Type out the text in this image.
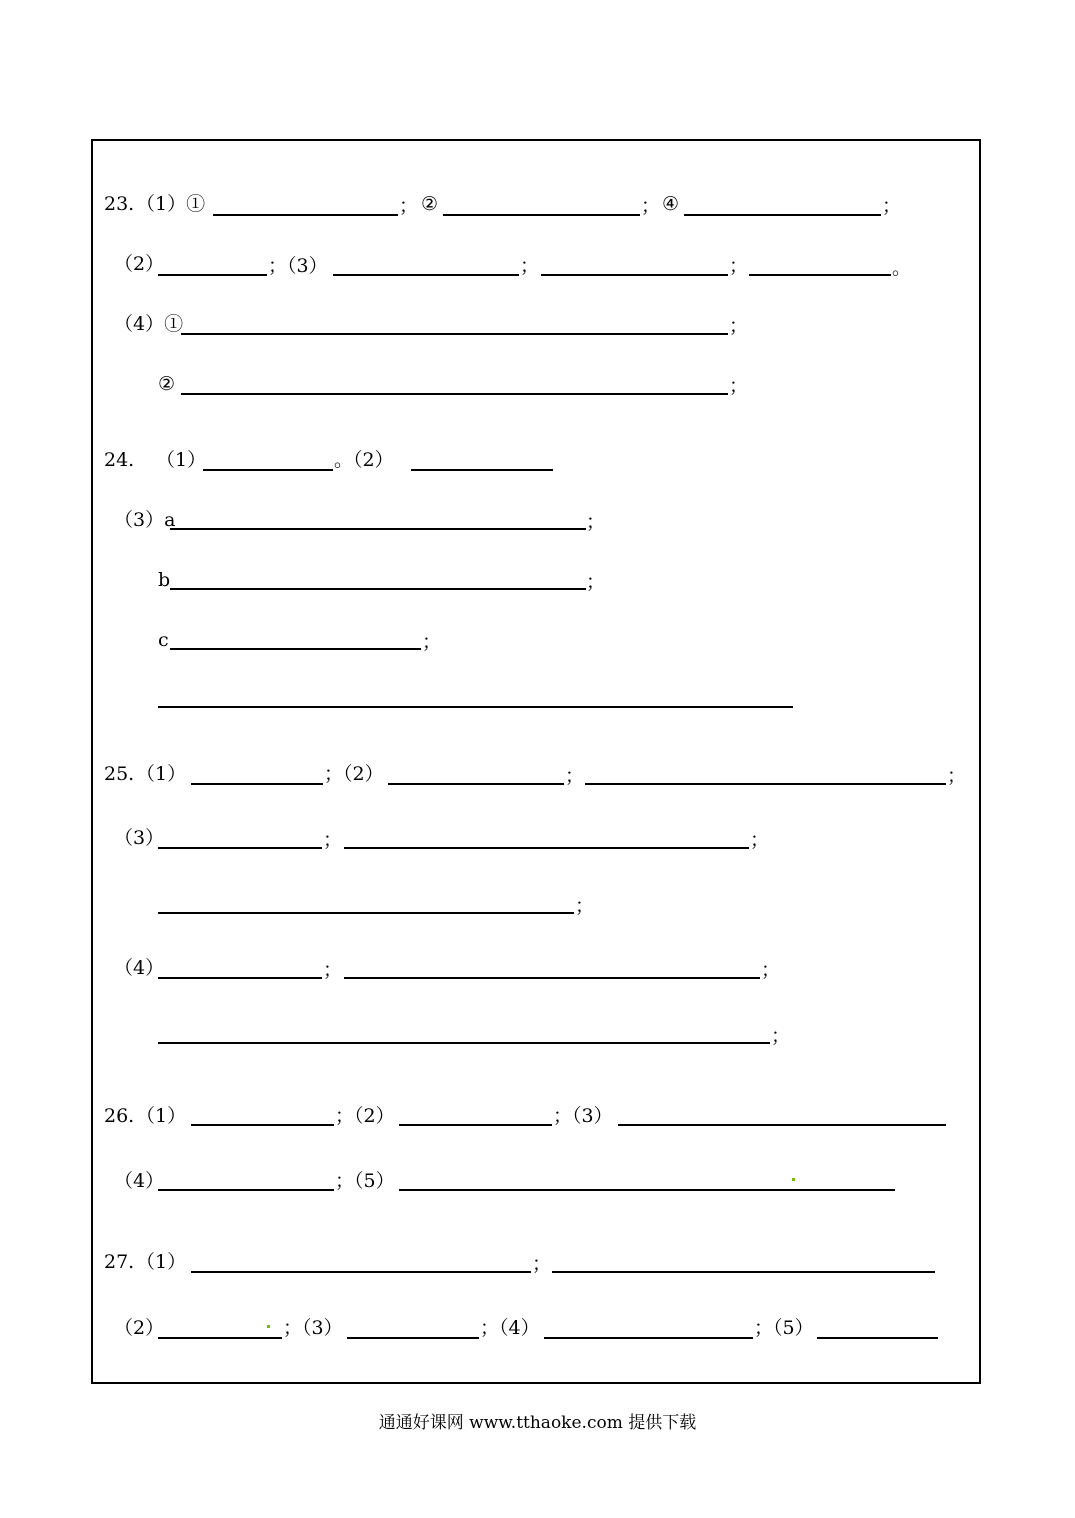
23. （1）①	； ②	； ④	；
（2）	；（3）	；	；	。
（4）①	；
②	；
24. （1）	。（2）
（3）a	；
b	；
c	；
25. （1）	；（2）	；	；
（3）	；	；
；
（4）	；	；
；
26. （1）	；（2）	；（3）
（4）	；（5）
27. （1）	；
（2）	；（3）	；（4）	；（5）
通通好课网 www.tthaoke.com 提供下载
